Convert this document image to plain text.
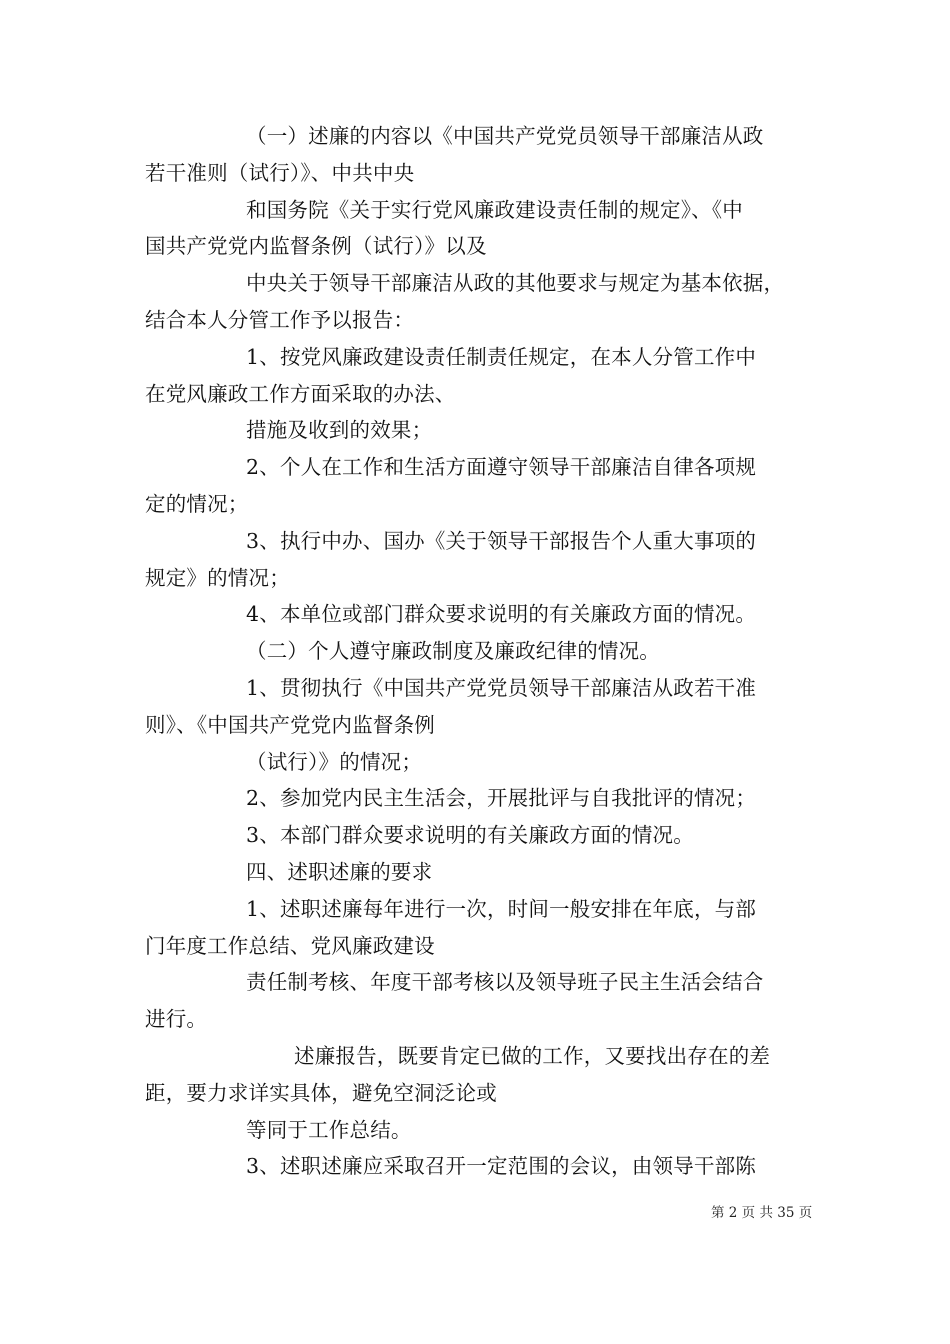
（一）述廉的内容以《中国共产党党员领导干部廉洁从政
若干准则（试行）》、中共中央
和国务院《关于实行党风廉政建设责任制的规定》、《中
国共产党党内监督条例（试行）》以及
中央关于领导干部廉洁从政的其他要求与规定为基本依据，
结合本人分管工作予以报告：
1、按党风廉政建设责任制责任规定，在本人分管工作中
在党风廉政工作方面采取的办法、
措施及收到的效果；
2、个人在工作和生活方面遵守领导干部廉洁自律各项规
定的情况；
3、执行中办、国办《关于领导干部报告个人重大事项的
规定》的情况；
4、本单位或部门群众要求说明的有关廉政方面的情况。
（二）个人遵守廉政制度及廉政纪律的情况。
1、贯彻执行《中国共产党党员领导干部廉洁从政若干准
则》、《中国共产党党内监督条例
（试行）》的情况；
2、参加党内民主生活会，开展批评与自我批评的情况；
3、本部门群众要求说明的有关廉政方面的情况。
四、述职述廉的要求
1、述职述廉每年进行一次，时间一般安排在年底，与部
门年度工作总结、党风廉政建设
责任制考核、年度干部考核以及领导班子民主生活会结合
进行。
述廉报告，既要肯定已做的工作，又要找出存在的差
距，要力求详实具体，避免空洞泛论或
等同于工作总结。
3、述职述廉应采取召开一定范围的会议，由领导干部陈
第 2 页 共 35 页
